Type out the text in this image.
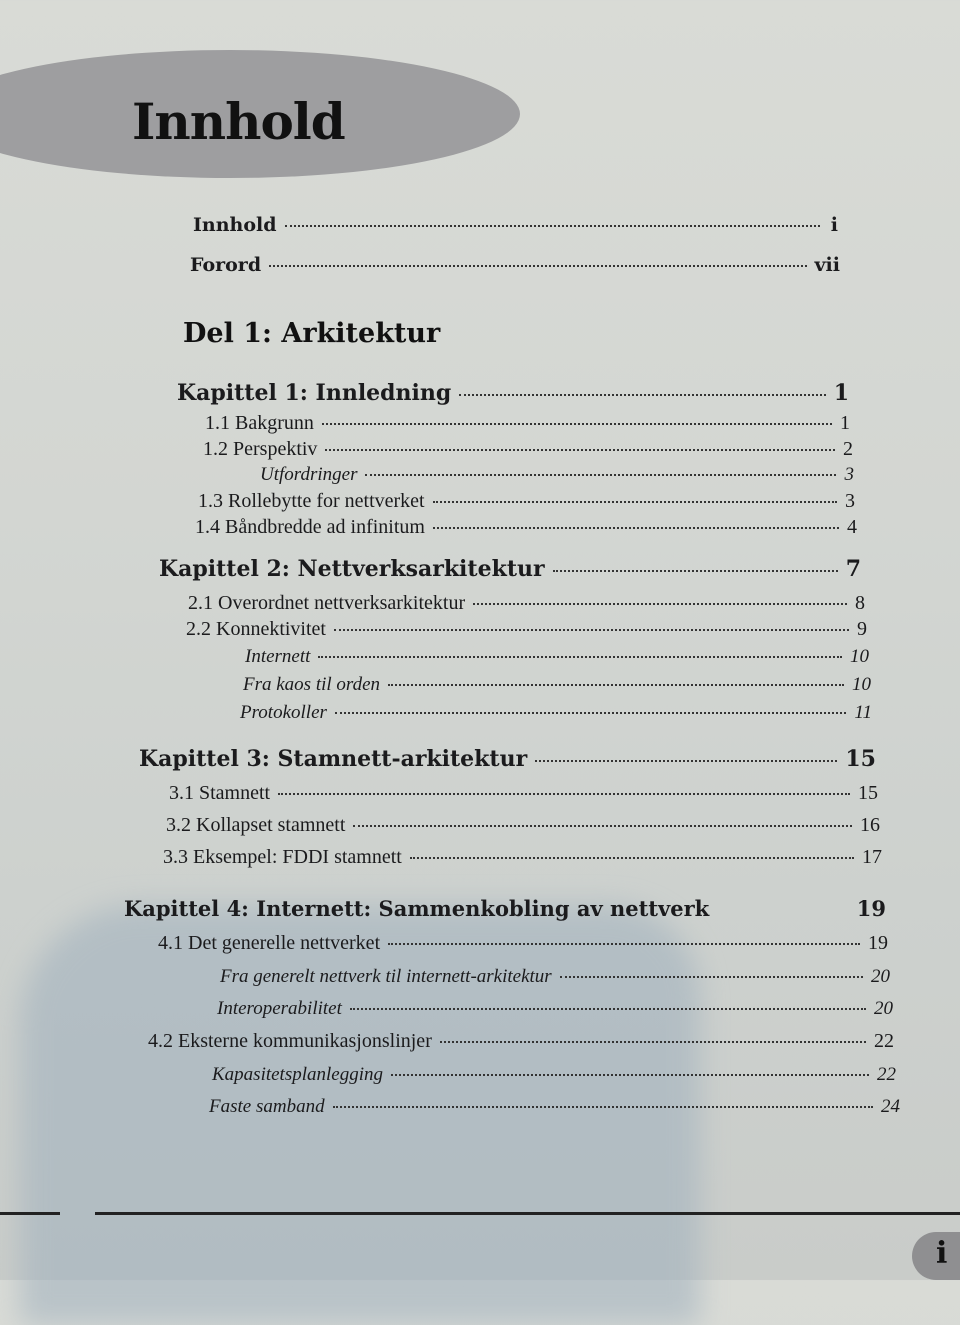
Innhold
Innhold	i
Forord	vii
Del 1: Arkitektur
Kapittel 1: Innledning	1
1.1 Bakgrunn	1
1.2 Perspektiv	2
Utfordringer	3
1.3 Rollebytte for nettverket	3
1.4 Båndbredde ad infinitum	4
Kapittel 2: Nettverksarkitektur	7
2.1 Overordnet nettverksarkitektur	8
2.2 Konnektivitet	9
Internett	10
Fra kaos til orden	10
Protokoller	11
Kapittel 3: Stamnett-arkitektur	15
3.1 Stamnett	15
3.2 Kollapset stamnett	16
3.3 Eksempel: FDDI stamnett	17
Kapittel 4: Internett: Sammenkobling av nettverk	19
4.1 Det generelle nettverket	19
Fra generelt nettverk til internett-arkitektur	20
Interoperabilitet	20
4.2 Eksterne kommunikasjonslinjer	22
Kapasitetsplanlegging	22
Faste samband	24
i
